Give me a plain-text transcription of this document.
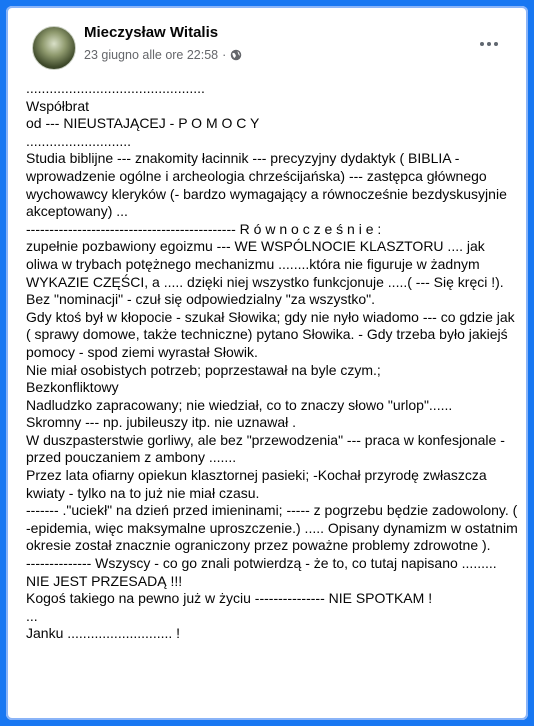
Mieczysław Witalis
23 giugno alle ore 22:58 ·
..............................................
Współbrat
od --- NIEUSTAJĄCEJ - P O M O C Y
...........................
Studia biblijne --- znakomity łacinnik --- precyzyjny dydaktyk ( BIBLIA - wprowadzenie ogólne i archeologia chrześcijańska) --- zastępca głównego wychowawcy kleryków (- bardzo wymagający a równocześnie bezdyskusyjnie akceptowany) ...
--------------------------------------------- R ó w n o c z e ś n i e :
zupełnie pozbawiony egoizmu --- WE WSPÓLNOCIE KLASZTORU .... jak oliwa w trybach potężnego mechanizmu ........która nie figuruje w żadnym WYKAZIE CZĘŚCI, a ..... dzięki niej wszystko funkcjonuje .....( --- Się kręci !).
Bez "nominacji" - czuł się odpowiedzialny "za wszystko".
Gdy ktoś był w kłopocie - szukał Słowika; gdy nie nyło wiadomo --- co gdzie jak ( sprawy domowe, także techniczne) pytano Słowika. - Gdy trzeba było jakiejś pomocy - spod ziemi wyrastał Słowik.
Nie miał osobistych potrzeb; poprzestawał na byle czym.;
Bezkonfliktowy
Nadludzko zapracowany; nie wiedział, co to znaczy słowo "urlop"......
Skromny --- np. jubileuszy itp. nie uznawał .
W duszpasterstwie gorliwy, ale bez "przewodzenia" --- praca w konfesjonale - przed pouczaniem z ambony .......
Przez lata ofiarny opiekun klasztornej pasieki; -Kochał przyrodę zwłaszcza kwiaty - tylko na to już nie miał czasu.
------- ."uciekł" na dzień przed imieninami; ----- z pogrzebu będzie zadowolony. ( -epidemia, więc maksymalne uproszczenie.) ..... Opisany dynamizm w ostatnim okresie został znacznie ograniczony przez poważne problemy zdrowotne ).
-------------- Wszyscy - co go znali potwierdzą - że to, co tutaj napisano ......... NIE JEST PRZESADĄ !!!
Kogoś takiego na pewno już w życiu --------------- NIE SPOTKAM !
...
Janku ........................... !
